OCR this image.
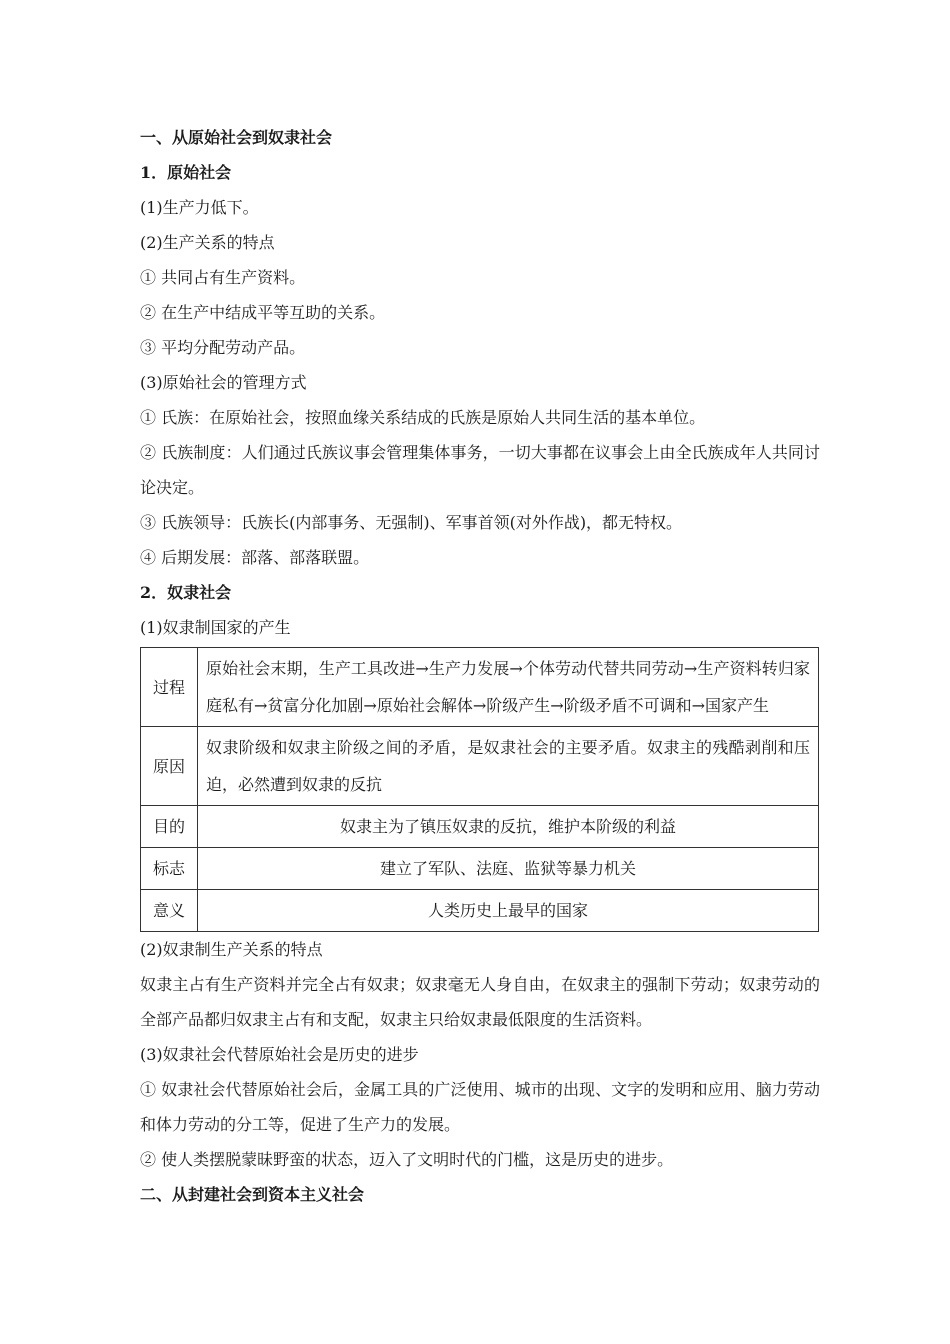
一、从原始社会到奴隶社会
1．原始社会
(1)生产力低下。
(2)生产关系的特点
① 共同占有生产资料。
② 在生产中结成平等互助的关系。
③ 平均分配劳动产品。
(3)原始社会的管理方式
① 氏族：在原始社会，按照血缘关系结成的氏族是原始人共同生活的基本单位。
② 氏族制度：人们通过氏族议事会管理集体事务，一切大事都在议事会上由全氏族成年人共同讨论决定。
③ 氏族领导：氏族长(内部事务、无强制)、军事首领(对外作战)，都无特权。
④ 后期发展：部落、部落联盟。
2．奴隶社会
(1)奴隶制国家的产生
过程	原始社会末期，生产工具改进→生产力发展→个体劳动代替共同劳动→生产资料转归家庭私有→贫富分化加剧→原始社会解体→阶级产生→阶级矛盾不可调和→国家产生
原因	奴隶阶级和奴隶主阶级之间的矛盾，是奴隶社会的主要矛盾。奴隶主的残酷剥削和压迫，必然遭到奴隶的反抗
目的	奴隶主为了镇压奴隶的反抗，维护本阶级的利益
标志	建立了军队、法庭、监狱等暴力机关
意义	人类历史上最早的国家
(2)奴隶制生产关系的特点
奴隶主占有生产资料并完全占有奴隶；奴隶毫无人身自由，在奴隶主的强制下劳动；奴隶劳动的全部产品都归奴隶主占有和支配，奴隶主只给奴隶最低限度的生活资料。
(3)奴隶社会代替原始社会是历史的进步
① 奴隶社会代替原始社会后，金属工具的广泛使用、城市的出现、文字的发明和应用、脑力劳动和体力劳动的分工等，促进了生产力的发展。
② 使人类摆脱蒙昧野蛮的状态，迈入了文明时代的门槛，这是历史的进步。
二、从封建社会到资本主义社会
